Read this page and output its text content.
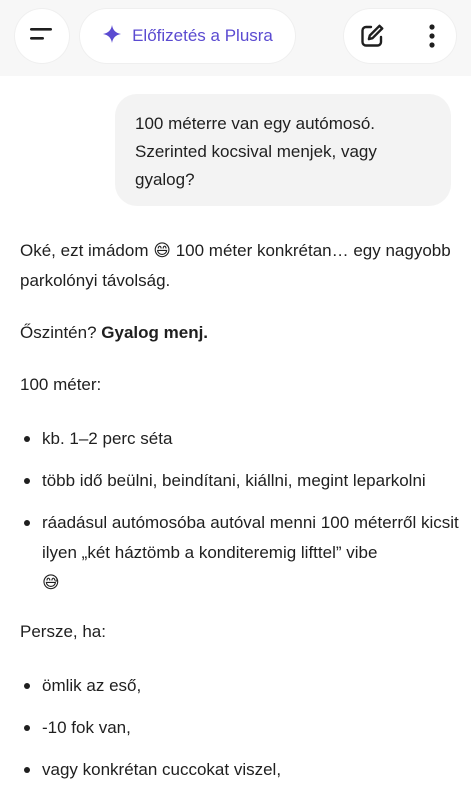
Előfizetés a Plusra
100 méterre van egy autómosó. Szerinted kocsival menjek, vagy gyalog?
Oké, ezt imádom 😄 100 méter konkrétan… egy nagyobb parkolónyi távolság.
Őszintén? Gyalog menj.
100 méter:
kb. 1–2 perc séta
több idő beülni, beindítani, kiállni, megint leparkolni
ráadásul autómosóba autóval menni 100 méterről kicsit ilyen „két háztömb a konditeremig lifttel” vibe
😅
Persze, ha:
ömlik az eső,
-10 fok van,
vagy konkrétan cuccokat viszel,
